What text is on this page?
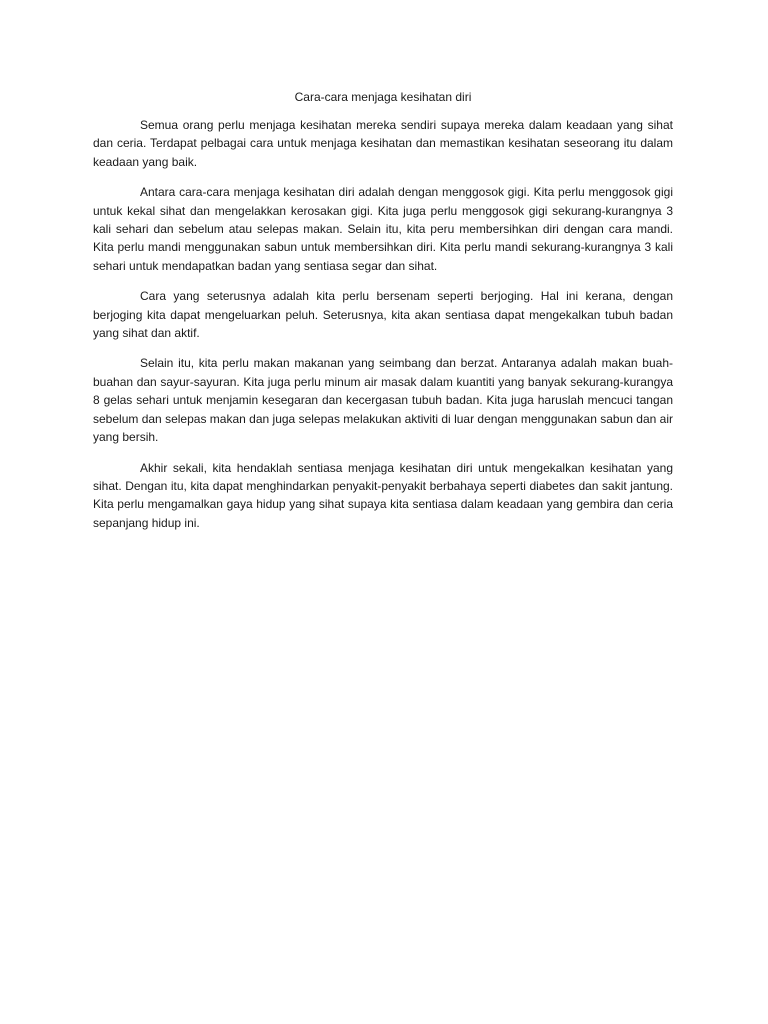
Cara-cara menjaga kesihatan diri

Semua orang perlu menjaga kesihatan mereka sendiri supaya mereka dalam keadaan yang sihat dan ceria. Terdapat pelbagai cara untuk menjaga kesihatan dan memastikan kesihatan seseorang itu dalam keadaan yang baik.

Antara cara-cara menjaga kesihatan diri adalah dengan menggosok gigi. Kita perlu menggosok gigi untuk kekal sihat dan mengelakkan kerosakan gigi. Kita juga perlu menggosok gigi sekurang-kurangnya 3 kali sehari dan sebelum atau selepas makan. Selain itu, kita peru membersihkan diri dengan cara mandi. Kita perlu mandi menggunakan sabun untuk membersihkan diri. Kita perlu mandi sekurang-kurangnya 3 kali sehari untuk mendapatkan badan yang sentiasa segar dan sihat.

Cara yang seterusnya adalah kita perlu bersenam seperti berjoging. Hal ini kerana, dengan berjoging kita dapat mengeluarkan peluh. Seterusnya, kita akan sentiasa dapat mengekalkan tubuh badan yang sihat dan aktif.

Selain itu, kita perlu makan makanan yang seimbang dan berzat. Antaranya adalah makan buah-buahan dan sayur-sayuran. Kita juga perlu minum air masak dalam kuantiti yang banyak sekurang-kurangya 8 gelas sehari untuk menjamin kesegaran dan kecergasan tubuh badan. Kita juga haruslah mencuci tangan sebelum dan selepas makan dan juga selepas melakukan aktiviti di luar dengan menggunakan sabun dan air yang bersih.

Akhir sekali, kita hendaklah sentiasa menjaga kesihatan diri untuk mengekalkan kesihatan yang sihat. Dengan itu, kita dapat menghindarkan penyakit-penyakit berbahaya seperti diabetes dan sakit jantung. Kita perlu mengamalkan gaya hidup yang sihat supaya kita sentiasa dalam keadaan yang gembira dan ceria sepanjang hidup ini.
